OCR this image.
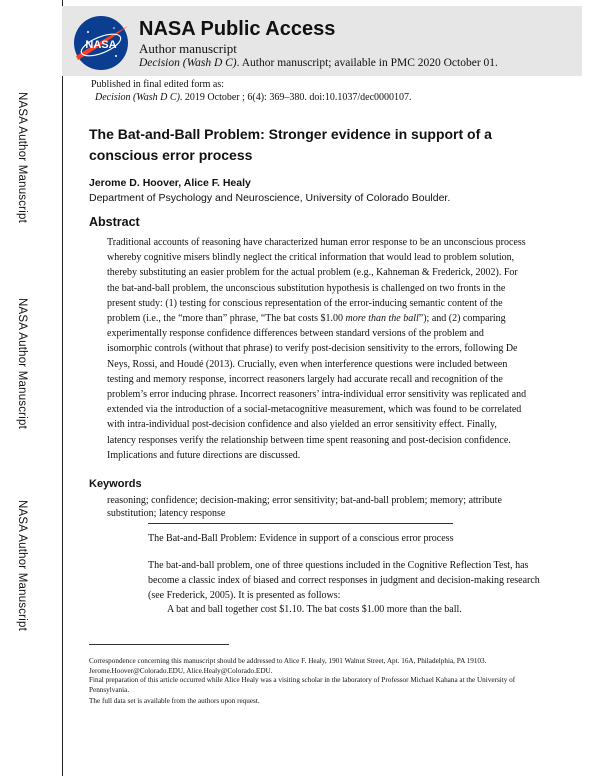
NASA Author Manuscript
NASA Author Manuscript
NASA Author Manuscript
NASA
NASA Public Access
Author manuscript
Decision (Wash D C). Author manuscript; available in PMC 2020 October 01.
Published in final edited form as:
Decision (Wash D C). 2019 October ; 6(4): 369–380. doi:10.1037/dec0000107.
The Bat-and-Ball Problem: Stronger evidence in support of a conscious error process
Jerome D. Hoover, Alice F. Healy
Department of Psychology and Neuroscience, University of Colorado Boulder.
Abstract
Traditional accounts of reasoning have characterized human error response to be an unconscious process whereby cognitive misers blindly neglect the critical information that would lead to problem solution, thereby substituting an easier problem for the actual problem (e.g., Kahneman & Frederick, 2002). For the bat-and-ball problem, the unconscious substitution hypothesis is challenged on two fronts in the present study: (1) testing for conscious representation of the error-inducing semantic content of the problem (i.e., the “more than” phrase, “The bat costs $1.00 more than the ball”); and (2) comparing experimentally response confidence differences between standard versions of the problem and isomorphic controls (without that phrase) to verify post-decision sensitivity to the errors, following De Neys, Rossi, and Houdé (2013). Crucially, even when interference questions were included between testing and memory response, incorrect reasoners largely had accurate recall and recognition of the problem’s error inducing phrase. Incorrect reasoners’ intra-individual error sensitivity was replicated and extended via the introduction of a social-metacognitive measurement, which was found to be correlated with intra-individual post-decision confidence and also yielded an error sensitivity effect. Finally, latency responses verify the relationship between time spent reasoning and post-decision confidence. Implications and future directions are discussed.
Keywords
reasoning; confidence; decision-making; error sensitivity; bat-and-ball problem; memory; attribute substitution; latency response
The Bat-and-Ball Problem: Evidence in support of a conscious error process
The bat-and-ball problem, one of three questions included in the Cognitive Reflection Test, has become a classic index of biased and correct responses in judgment and decision-making research (see Frederick, 2005). It is presented as follows:
A bat and ball together cost $1.10. The bat costs $1.00 more than the ball.
Correspondence concerning this manuscript should be addressed to Alice F. Healy, 1901 Walnut Street, Apt. 16A, Philadelphia, PA 19103. Jerome.Hoover@Colorado.EDU, Alice.Healy@Colorado.EDU.
Final preparation of this article occurred while Alice Healy was a visiting scholar in the laboratory of Professor Michael Kahana at the University of Pennsylvania.
The full data set is available from the authors upon request.
